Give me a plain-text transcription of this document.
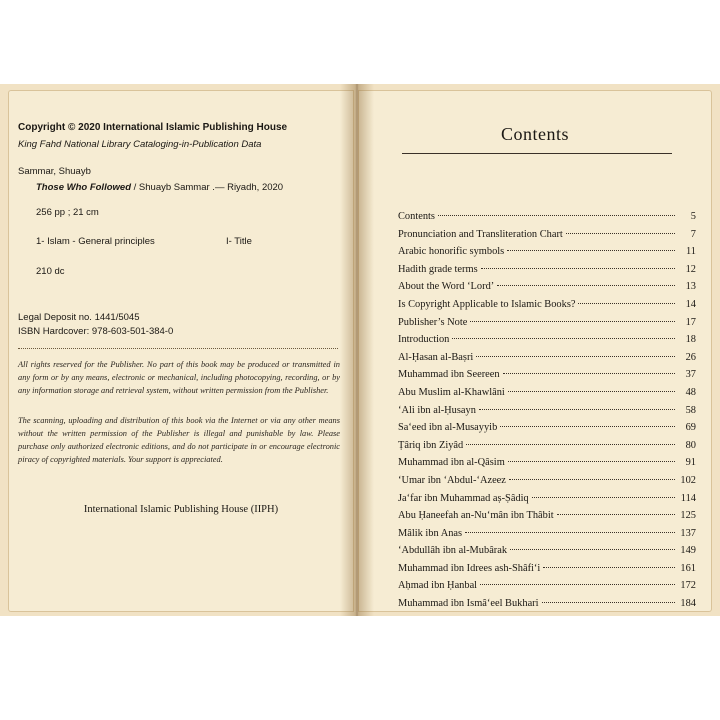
Copyright © 2020 International Islamic Publishing House
King Fahd National Library Cataloging-in-Publication Data
Sammar, Shuayb
Those Who Followed / Shuayb Sammar .— Riyadh, 2020
256 pp ; 21 cm
1- Islam - General principles	I- Title
210 dc
Legal Deposit no. 1441/5045
ISBN Hardcover: 978-603-501-384-0

All rights reserved for the Publisher. No part of this book may be produced or transmitted in any form or by any means, electronic or mechanical, including photocopying, recording, or by any information storage and retrieval system, without written permission from the Publisher.

The scanning, uploading and distribution of this book via the Internet or via any other means without the written permission of the Publisher is illegal and punishable by law. Please purchase only authorized electronic editions, and do not participate in or encourage electronic piracy of copyrighted materials. Your support is appreciated.

International Islamic Publishing House (IIPH)
Contents
Contents	5
Pronunciation and Transliteration Chart	7
Arabic honorific symbols	11
Hadith grade terms	12
About the Word ‘Lord’	13
Is Copyright Applicable to Islamic Books?	14
Publisher’s Note	17
Introduction	18
Al-Ḥasan al-Baṣri	26
Muhammad ibn Seereen	37
Abu Muslim al-Khawlâni	48
‘Ali ibn al-Ḥusayn	58
Sa‘eed ibn al-Musayyib	69
Ṭâriq ibn Ziyâd	80
Muhammad ibn al-Qâsim	91
‘Umar ibn ‘Abdul-‘Azeez	102
Ja‘far ibn Muhammad aṣ-Ṣâdiq	114
Abu Ḥaneefah an-Nu‘mân ibn Thâbit	125
Mâlik ibn Anas	137
‘Abdullâh ibn al-Mubârak	149
Muhammad ibn Idrees ash-Shâfi‘i	161
Aḥmad ibn Ḥanbal	172
Muhammad ibn Ismâ‘eel Bukhari	184
